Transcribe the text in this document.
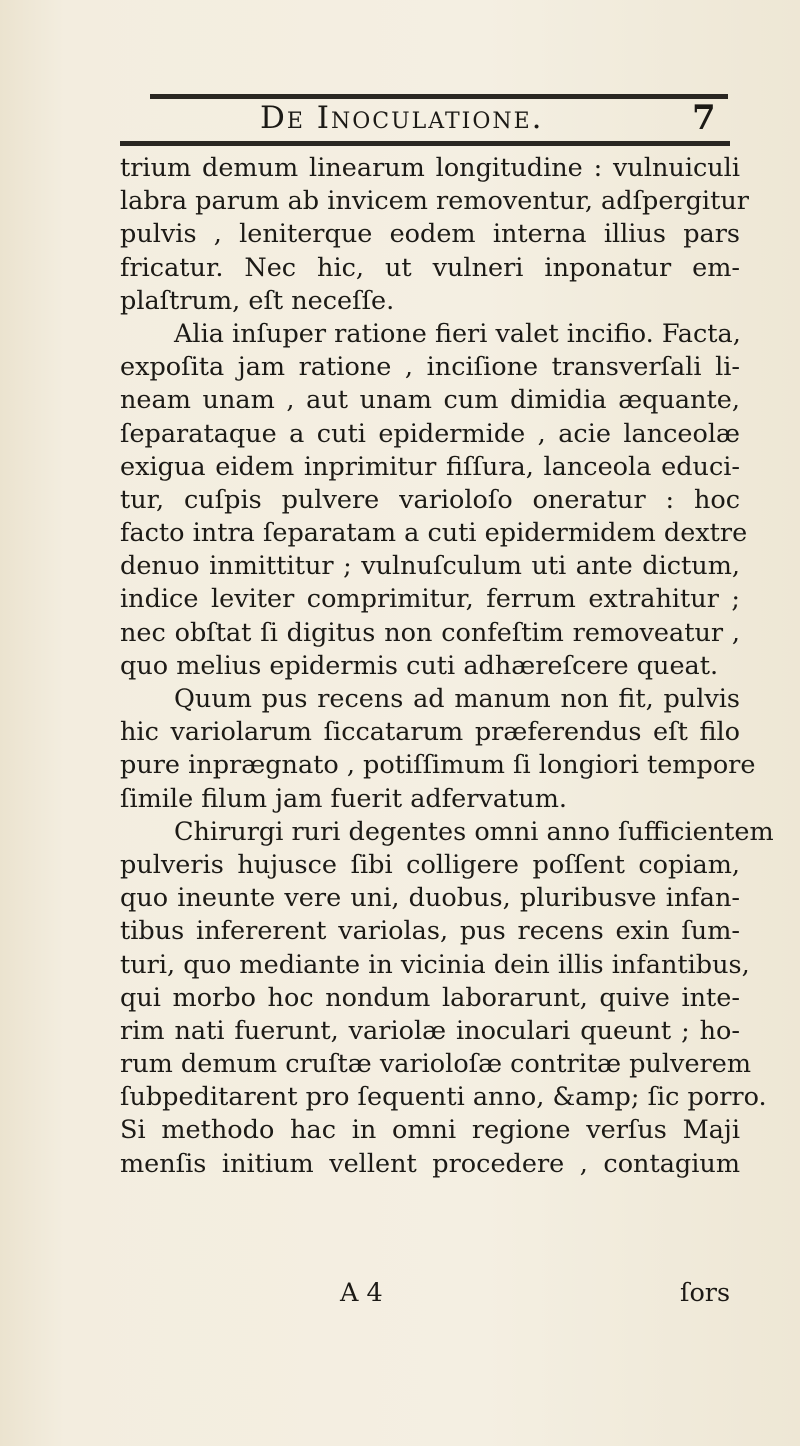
De Inoculatione.	7
trium demum linearum longitudine : vulnuiculi
labra parum ab invicem removentur, adſpergitur
pulvis , leniterque eodem interna illius pars
fricatur. Nec hic, ut vulneri inponatur em-
plaſtrum, eſt neceſſe.
Alia inſuper ratione fieri valet incifio. Facta,
expoſita jam ratione , inciſione transverſali li-
neam unam , aut unam cum dimidia æquante,
ſeparataque a cuti epidermide , acie lanceolæ
exigua eidem inprimitur fiſſura, lanceola educi-
tur, cuſpis pulvere varioloſo oneratur : hoc
facto intra ſeparatam a cuti epidermidem dextre
denuo inmittitur ; vulnuſculum uti ante dictum,
indice leviter comprimitur, ferrum extrahitur ;
nec obſtat ſi digitus non confeſtim removeatur ,
quo melius epidermis cuti adhæreſcere queat.
Quum pus recens ad manum non fit, pulvis
hic variolarum ſiccatarum præferendus eſt filo
pure inprægnato , potiſſimum ſi longiori tempore
ſimile filum jam fuerit adfervatum.
Chirurgi ruri degentes omni anno ſufficientem
pulveris hujusce ſibi colligere poſſent copiam,
quo ineunte vere uni, duobus, pluribusve infan-
tibus infererent variolas, pus recens exin ſum-
turi, quo mediante in vicinia dein illis infantibus,
qui morbo hoc nondum laborarunt, quive inte-
rim nati fuerunt, variolæ inoculari queunt ; ho-
rum demum cruſtæ varioloſæ contritæ pulverem
ſubpeditarent pro ſequenti anno, &amp; ſic porro.
Si methodo hac in omni regione verſus Maji
menſis initium vellent procedere , contagium
A 4	ſors
